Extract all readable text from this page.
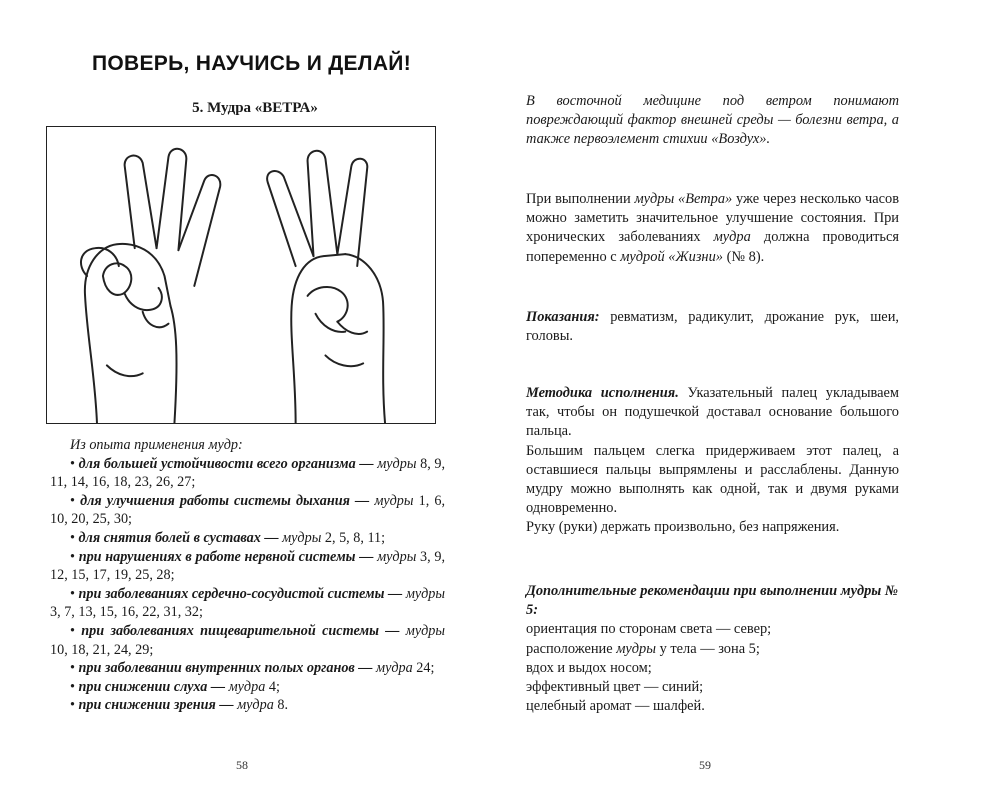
ПОВЕРЬ, НАУЧИСЬ И ДЕЛАЙ!
5. Мудра «ВЕТРА»
Из опыта применения мудр:
• для большей устойчивости всего организма — мудры 8, 9, 11, 14, 16, 18, 23, 26, 27;
• для улучшения работы системы дыхания — мудры 1, 6, 10, 20, 25, 30;
• для снятия болей в суставах — мудры 2, 5, 8, 11;
• при нарушениях в работе нервной системы — мудры 3, 9, 12, 15, 17, 19, 25, 28;
• при заболеваниях сердечно-сосудистой системы — мудры 3, 7, 13, 15, 16, 22, 31, 32;
• при заболеваниях пищеварительной системы — мудры 10, 18, 21, 24, 29;
• при заболевании внутренних полых органов — мудра 24;
• при снижении слуха — мудра 4;
• при снижении зрения — мудра 8.
58
В восточной медицине под ветром понимают повреждающий фактор внешней среды — болезни ветра, а также первоэлемент стихии «Воздух».
При выполнении мудры «Ветра» уже через несколько часов можно заметить значительное улучшение состояния. При хронических заболеваниях мудра должна проводиться попеременно с мудрой «Жизни» (№ 8).
Показания: ревматизм, радикулит, дрожание рук, шеи, головы.
Методика исполнения. Указательный палец укладываем так, чтобы он подушечкой доставал основание большого пальца.
Большим пальцем слегка придерживаем этот палец, а оставшиеся пальцы выпрямлены и расслаблены. Данную мудру можно выполнять как одной, так и двумя руками одновременно.
Руку (руки) держать произвольно, без напряжения.
Дополнительные рекомендации при выполнении мудры № 5:
ориентация по сторонам света — север;
расположение мудры у тела — зона 5;
вдох и выдох носом;
эффективный цвет — синий;
целебный аромат — шалфей.
59
